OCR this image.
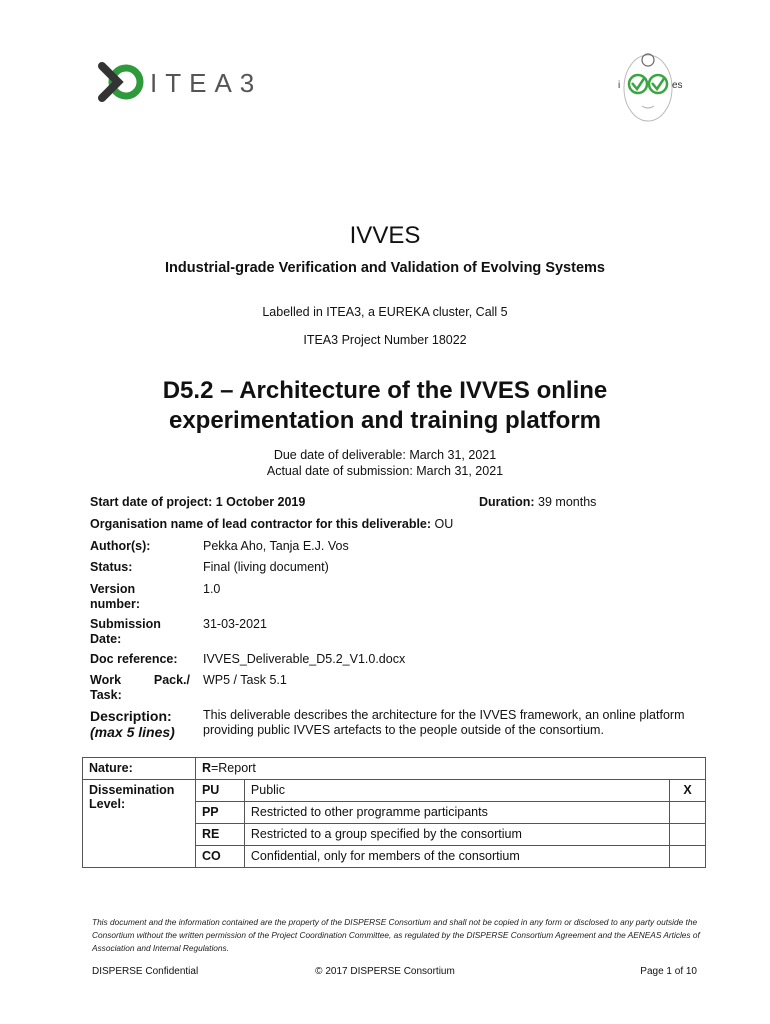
ITEA3	i	es
IVVES
Industrial-grade Verification and Validation of Evolving Systems
Labelled in ITEA3, a EUREKA cluster, Call 5
ITEA3 Project Number 18022
D5.2 – Architecture of the IVVES online
experimentation and training platform
Due date of deliverable: March 31, 2021
Actual date of submission: March 31, 2021
Start date of project: 1 October 2019	Duration: 39 months
Organisation name of lead contractor for this deliverable: OU
Author(s):	Pekka Aho, Tanja E.J. Vos
Status:	Final (living document)
Version
number:
1.0
Submission
Date:
31-03-2021
Doc reference: IVVES_Deliverable_D5.2_V1.0.docx
Work	Pack./
Task:
WP5 / Task 5.1
Description:
(max 5 lines)
This deliverable describes the architecture for the IVVES framework, an online platform providing public IVVES artefacts to the people outside of the consortium.
Nature:	R=Report		

Dissemination
Level:	PU	Public	X
	PP	Restricted to other programme participants	
	RE	Restricted to a group specified by the consortium	
	CO	Confidential, only for members of the consortium	
This document and the information contained are the property of the DISPERSE Consortium and shall not be copied in any form or disclosed to any party outside the Consortium without the written permission of the Project Coordination Committee, as regulated by the DISPERSE Consortium Agreement and the AENEAS Articles of Association and Internal Regulations.
DISPERSE Confidential	© 2017 DISPERSE Consortium	Page 1 of 10
